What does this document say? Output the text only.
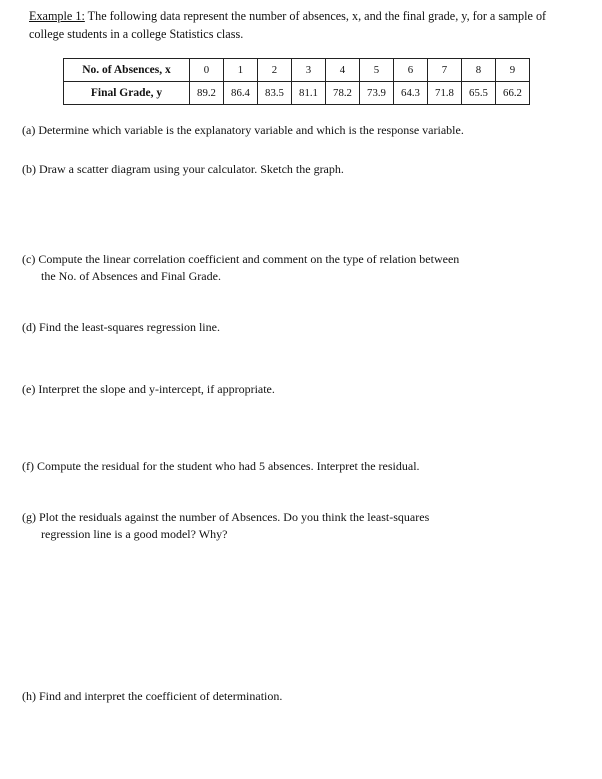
Example 1: The following data represent the number of absences, x, and the final grade, y, for a sample of college students in a college Statistics class.
No. of Absences, x	0	1	2	3	4	5	6	7	8	9
Final Grade, y	89.2	86.4	83.5	81.1	78.2	73.9	64.3	71.8	65.5	66.2
(a) Determine which variable is the explanatory variable and which is the response variable.
(b) Draw a scatter diagram using your calculator. Sketch the graph.
(c) Compute the linear correlation coefficient and comment on the type of relation between
the No. of Absences and Final Grade.
(d) Find the least-squares regression line.
(e) Interpret the slope and y-intercept, if appropriate.
(f) Compute the residual for the student who had 5 absences. Interpret the residual.
(g) Plot the residuals against the number of Absences. Do you think the least-squares
regression line is a good model? Why?
(h) Find and interpret the coefficient of determination.
